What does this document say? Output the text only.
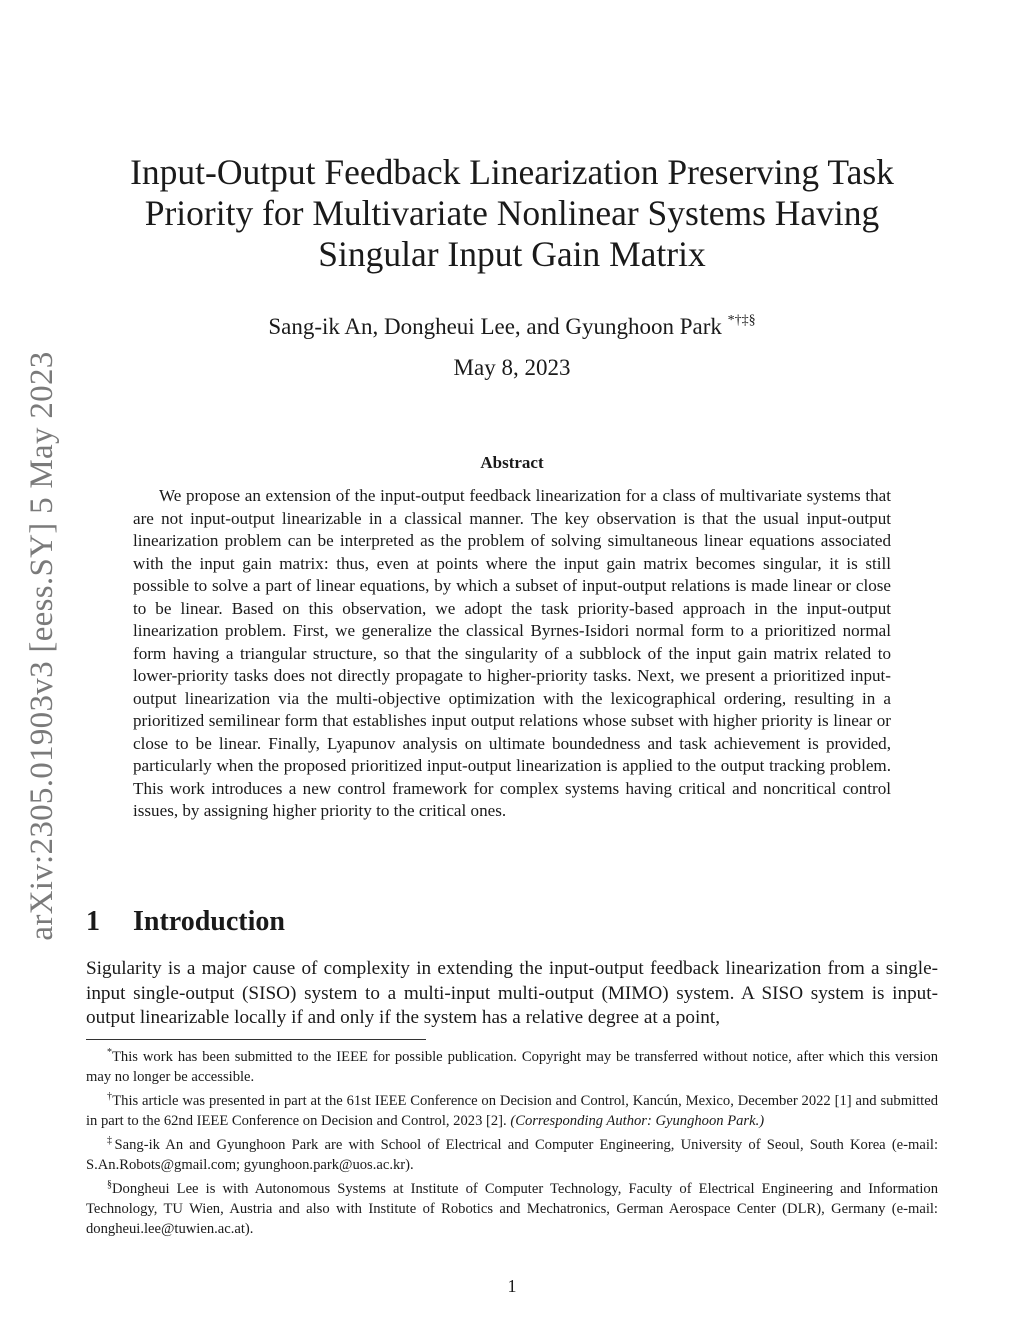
arXiv:2305.01903v3 [eess.SY] 5 May 2023
Input-Output Feedback Linearization Preserving Task Priority for Multivariate Nonlinear Systems Having Singular Input Gain Matrix
Sang-ik An, Dongheui Lee, and Gyunghoon Park *†‡§
May 8, 2023
Abstract

We propose an extension of the input-output feedback linearization for a class of multivariate systems that are not input-output linearizable in a classical manner. The key observation is that the usual input-output linearization problem can be interpreted as the problem of solving simultaneous linear equations associated with the input gain matrix: thus, even at points where the input gain matrix becomes singular, it is still possible to solve a part of linear equations, by which a subset of input-output relations is made linear or close to be linear. Based on this observation, we adopt the task priority-based approach in the input-output linearization problem. First, we generalize the classical Byrnes-Isidori normal form to a prioritized normal form having a triangular structure, so that the singularity of a subblock of the input gain matrix related to lower-priority tasks does not directly propagate to higher-priority tasks. Next, we present a prioritized input-output linearization via the multi-objective optimization with the lexicographical ordering, resulting in a prioritized semilinear form that establishes input output relations whose subset with higher priority is linear or close to be linear. Finally, Lyapunov analysis on ultimate boundedness and task achievement is provided, particularly when the proposed prioritized input-output linearization is applied to the output tracking problem. This work introduces a new control framework for complex systems having critical and noncritical control issues, by assigning higher priority to the critical ones.

1 Introduction

Sigularity is a major cause of complexity in extending the input-output feedback linearization from a single-input single-output (SISO) system to a multi-input multi-output (MIMO) system. A SISO system is input-output linearizable locally if and only if the system has a relative degree at a point,

*This work has been submitted to the IEEE for possible publication. Copyright may be transferred without notice, after which this version may no longer be accessible.

†This article was presented in part at the 61st IEEE Conference on Decision and Control, Kancún, Mexico, December 2022 [1] and submitted in part to the 62nd IEEE Conference on Decision and Control, 2023 [2]. (Corresponding Author: Gyunghoon Park.)

‡Sang-ik An and Gyunghoon Park are with School of Electrical and Computer Engineering, University of Seoul, South Korea (e-mail: S.An.Robots@gmail.com; gyunghoon.park@uos.ac.kr).

§Dongheui Lee is with Autonomous Systems at Institute of Computer Technology, Faculty of Electrical Engineering and Information Technology, TU Wien, Austria and also with Institute of Robotics and Mechatronics, German Aerospace Center (DLR), Germany (e-mail: dongheui.lee@tuwien.ac.at).

1
